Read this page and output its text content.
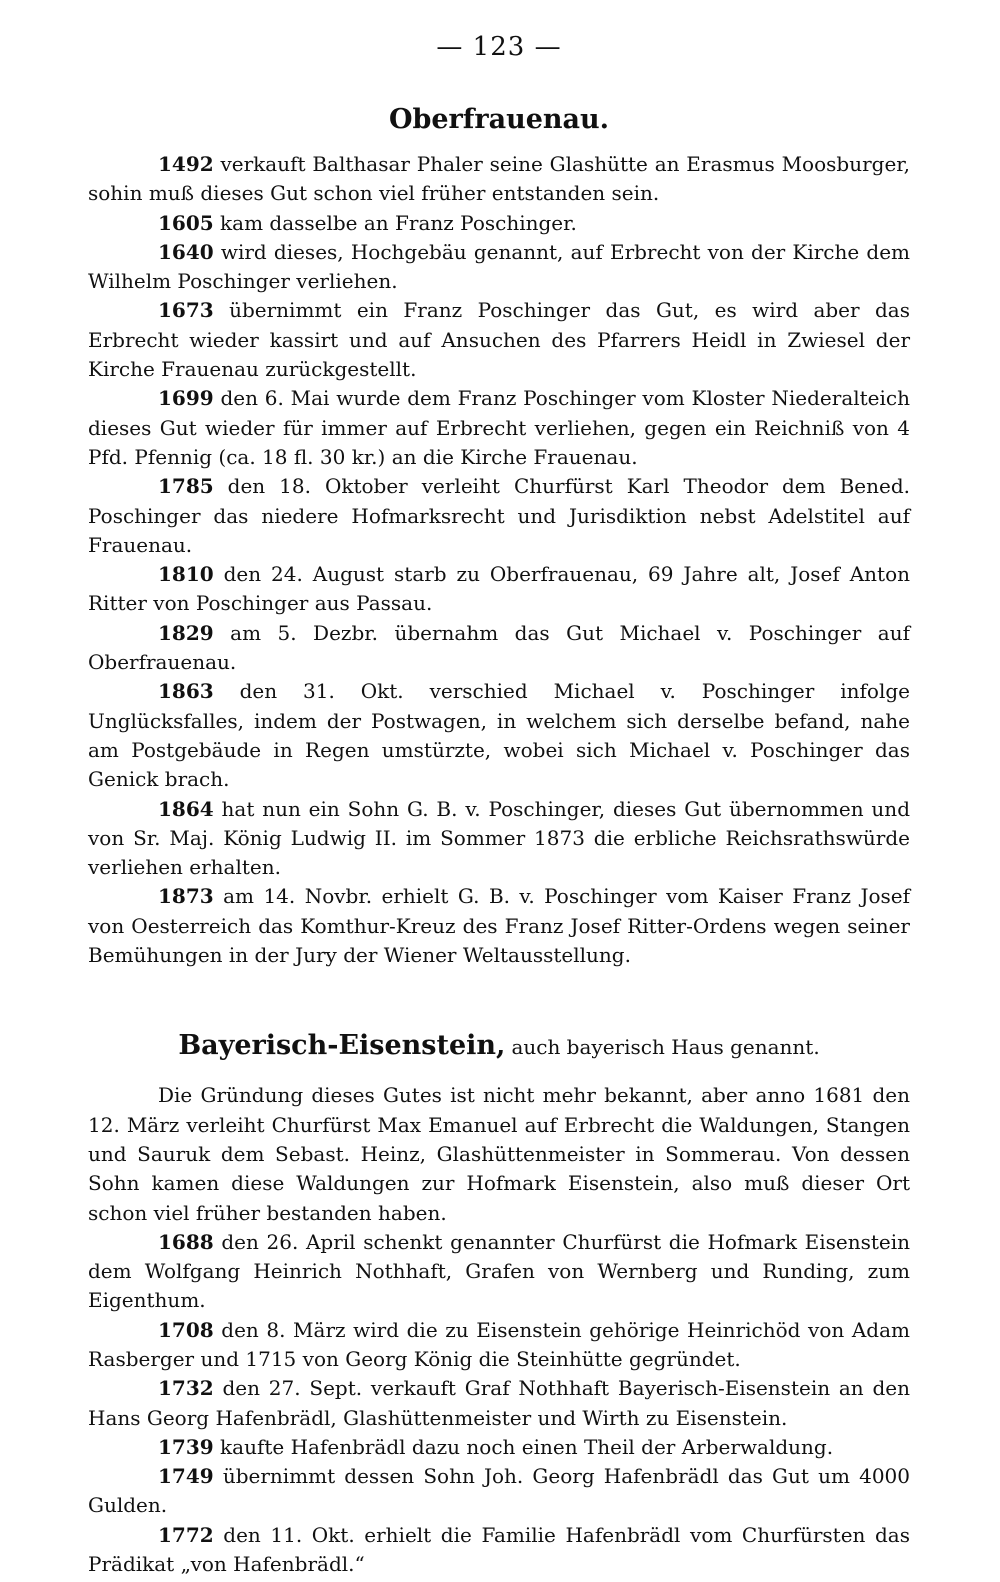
— 123 —
Oberfrauenau.

1492 verkauft Balthasar Phaler seine Glashütte an Erasmus Moosburger, sohin muß dieses Gut schon viel früher entstanden sein.

1605 kam dasselbe an Franz Poschinger.

1640 wird dieses, Hochgebäu genannt, auf Erbrecht von der Kirche dem Wilhelm Poschinger verliehen.

1673 übernimmt ein Franz Poschinger das Gut, es wird aber das Erbrecht wieder kassirt und auf Ansuchen des Pfarrers Heidl in Zwiesel der Kirche Frauenau zurückgestellt.

1699 den 6. Mai wurde dem Franz Poschinger vom Kloster Niederalteich dieses Gut wieder für immer auf Erbrecht verliehen, gegen ein Reichniß von 4 Pfd. Pfennig (ca. 18 fl. 30 kr.) an die Kirche Frauenau.

1785 den 18. Oktober verleiht Churfürst Karl Theodor dem Bened. Poschinger das niedere Hofmarksrecht und Jurisdiktion nebst Adelstitel auf Frauenau.

1810 den 24. August starb zu Oberfrauenau, 69 Jahre alt, Josef Anton Ritter von Poschinger aus Passau.

1829 am 5. Dezbr. übernahm das Gut Michael v. Poschinger auf Oberfrauenau.

1863 den 31. Okt. verschied Michael v. Poschinger infolge Unglücksfalles, indem der Postwagen, in welchem sich derselbe befand, nahe am Postgebäude in Regen umstürzte, wobei sich Michael v. Poschinger das Genick brach.

1864 hat nun ein Sohn G. B. v. Poschinger, dieses Gut übernommen und von Sr. Maj. König Ludwig II. im Sommer 1873 die erbliche Reichsrathswürde verliehen erhalten.

1873 am 14. Novbr. erhielt G. B. v. Poschinger vom Kaiser Franz Josef von Oesterreich das Komthur-Kreuz des Franz Josef Ritter-Ordens wegen seiner Bemühungen in der Jury der Wiener Weltausstellung.

Bayerisch-Eisenstein, auch bayerisch Haus genannt.

Die Gründung dieses Gutes ist nicht mehr bekannt, aber anno 1681 den 12. März verleiht Churfürst Max Emanuel auf Erbrecht die Waldungen, Stangen und Sauruk dem Sebast. Heinz, Glashüttenmeister in Sommerau. Von dessen Sohn kamen diese Waldungen zur Hofmark Eisenstein, also muß dieser Ort schon viel früher bestanden haben.

1688 den 26. April schenkt genannter Churfürst die Hofmark Eisenstein dem Wolfgang Heinrich Nothhaft, Grafen von Wernberg und Runding, zum Eigenthum.

1708 den 8. März wird die zu Eisenstein gehörige Heinrichöd von Adam Rasberger und 1715 von Georg König die Steinhütte gegründet.

1732 den 27. Sept. verkauft Graf Nothhaft Bayerisch-Eisenstein an den Hans Georg Hafenbrädl, Glashüttenmeister und Wirth zu Eisenstein.

1739 kaufte Hafenbrädl dazu noch einen Theil der Arberwaldung.

1749 übernimmt dessen Sohn Joh. Georg Hafenbrädl das Gut um 4000 Gulden.

1772 den 11. Okt. erhielt die Familie Hafenbrädl vom Churfürsten das Prädikat „von Hafenbrädl.“
